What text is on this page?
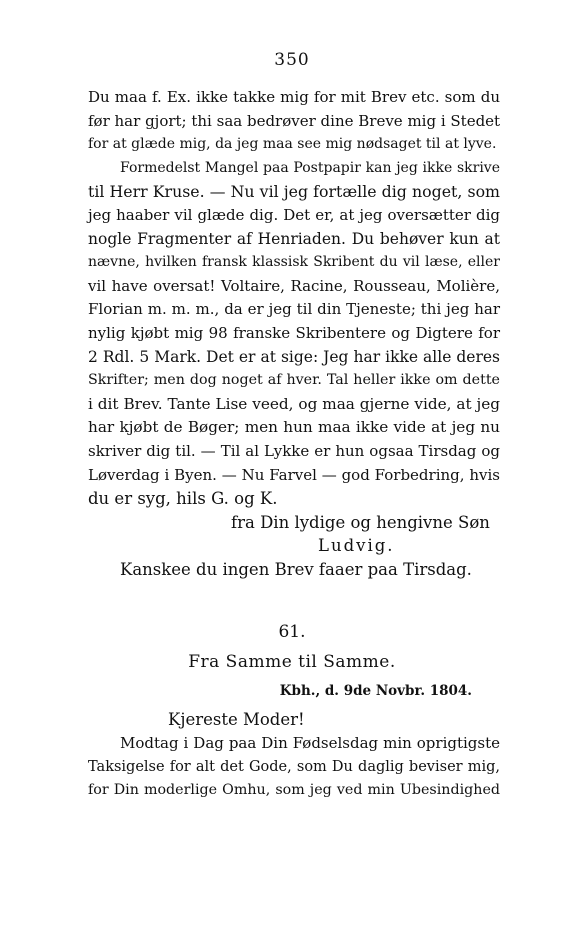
350
Du maa f. Ex. ikke takke mig for mit Brev etc. som du
før har gjort; thi saa bedrøver dine Breve mig i Stedet
for at glæde mig, da jeg maa see mig nødsaget til at lyve.
Formedelst Mangel paa Postpapir kan jeg ikke skrive
til Herr Kruse. — Nu vil jeg fortælle dig noget, som
jeg haaber vil glæde dig. Det er, at jeg oversætter dig
nogle Fragmenter af Henriaden. Du behøver kun at
nævne, hvilken fransk klassisk Skribent du vil læse, eller
vil have oversat! Voltaire, Racine, Rousseau, Molière,
Florian m. m. m., da er jeg til din Tjeneste; thi jeg har
nylig kjøbt mig 98 franske Skribentere og Digtere for
2 Rdl. 5 Mark. Det er at sige: Jeg har ikke alle deres
Skrifter; men dog noget af hver. Tal heller ikke om dette
i dit Brev. Tante Lise veed, og maa gjerne vide, at jeg
har kjøbt de Bøger; men hun maa ikke vide at jeg nu
skriver dig til. — Til al Lykke er hun ogsaa Tirsdag og
Løverdag i Byen. — Nu Farvel — god Forbedring, hvis
du er syg, hils G. og K.
fra Din lydige og hengivne Søn
Ludvig.
Kanskee du ingen Brev faaer paa Tirsdag.
61.
Fra Samme til Samme.
Kbh., d. 9de Novbr. 1804.
Kjereste Moder!
Modtag i Dag paa Din Fødselsdag min oprigtigste
Taksigelse for alt det Gode, som Du daglig beviser mig,
for Din moderlige Omhu, som jeg ved min Ubesindighed
